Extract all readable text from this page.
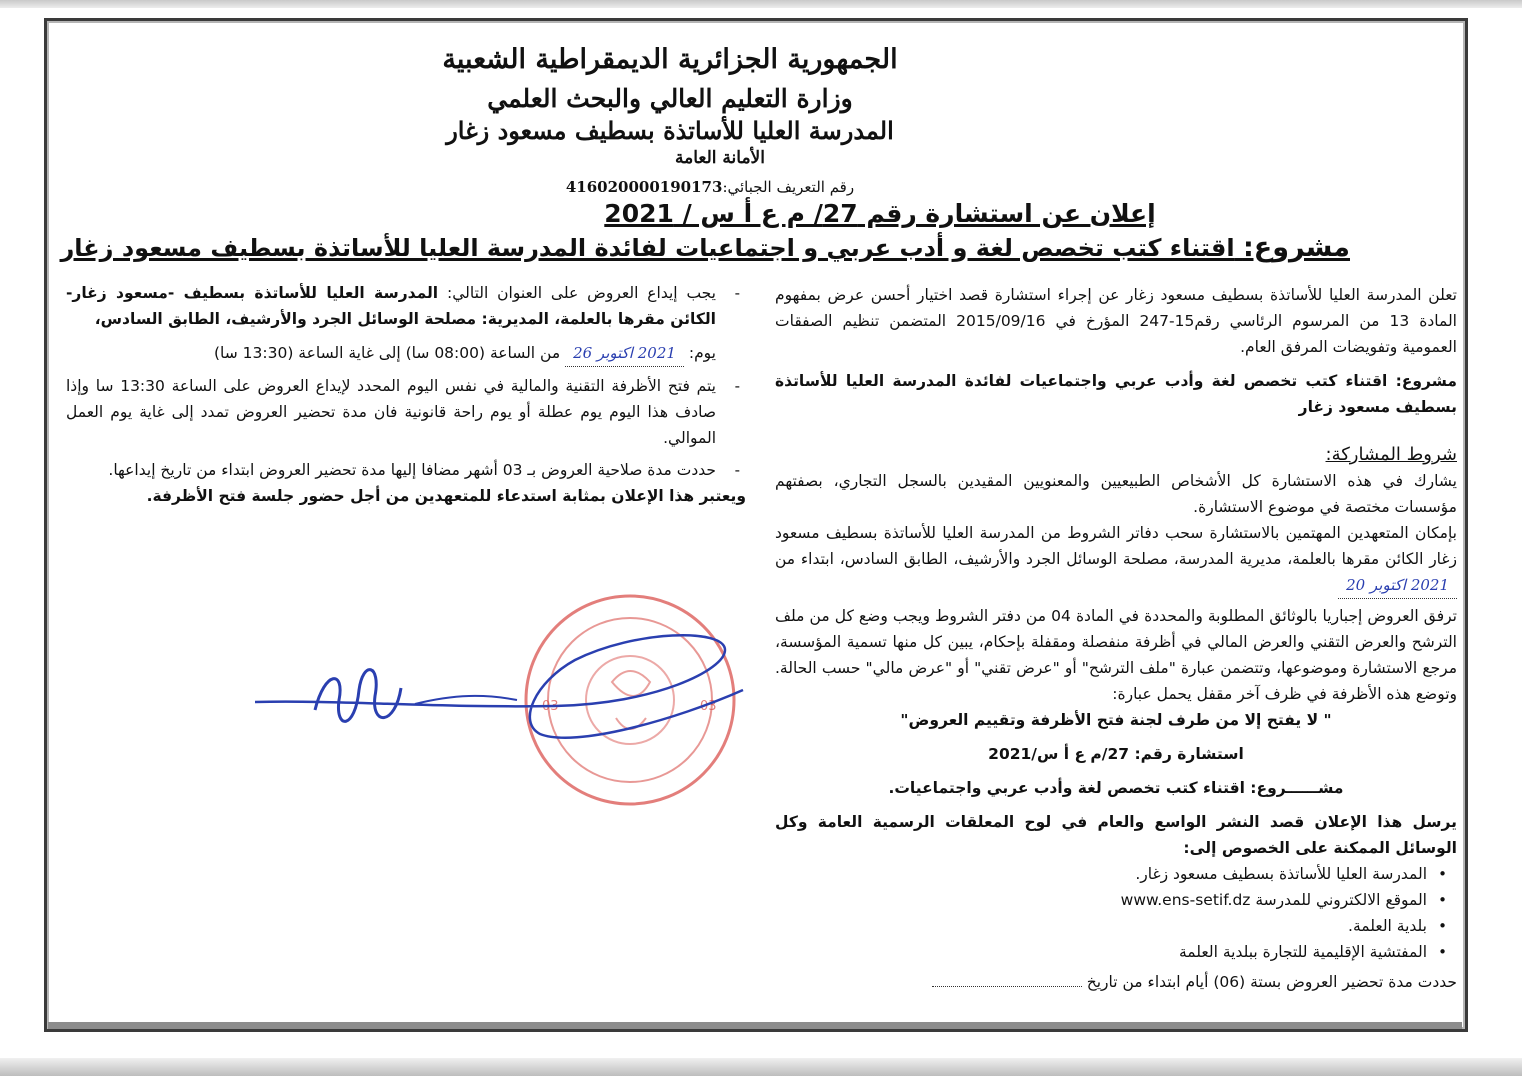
الجمهورية الجزائرية الديمقراطية الشعبية
وزارة التعليم العالي والبحث العلمي
المدرسة العليا للأساتذة بسطيف مسعود زغار
الأمانة العامة
رقم التعريف الجبائي:416020000190173
إعلان عن استشارة رقم 27/ م ع أ س / 2021
مشروع: اقتناء كتب تخصص لغة و أدب عربي و اجتماعيات لفائدة المدرسة العليا للأساتذة بسطيف مسعود زغار

تعلن المدرسة العليا للأساتذة بسطيف مسعود زغار عن إجراء استشارة قصد اختيار أحسن عرض بمفهوم المادة 13 من المرسوم الرئاسي رقم15-247 المؤرخ في 2015/09/16 المتضمن تنظيم الصفقات العمومية وتفويضات المرفق العام.

مشروع: اقتناء كتب تخصص لغة وأدب عربي واجتماعيات لفائدة المدرسة العليا للأساتذة بسطيف مسعود زغار

شروط المشاركة:

يشارك في هذه الاستشارة كل الأشخاص الطبيعيين والمعنويين المقيدين بالسجل التجاري، بصفتهم مؤسسات مختصة في موضوع الاستشارة.

بإمكان المتعهدين المهتمين بالاستشارة سحب دفاتر الشروط من المدرسة العليا للأساتذة بسطيف مسعود زغار الكائن مقرها بالعلمة، مديرية المدرسة، مصلحة الوسائل الجرد والأرشيف، الطابق السادس، ابتداء من 2021 اكتوبر 20

ترفق العروض إجباريا بالوثائق المطلوبة والمحددة في المادة 04 من دفتر الشروط ويجب وضع كل من ملف الترشح والعرض التقني والعرض المالي في أظرفة منفصلة ومقفلة بإحكام، يبين كل منها تسمية المؤسسة، مرجع الاستشارة وموضوعها، وتتضمن عبارة "ملف الترشح" أو "عرض تقني" أو "عرض مالي" حسب الحالة. وتوضع هذه الأظرفة في ظرف آخر مقفل يحمل عبارة:

" لا يفتح إلا من طرف لجنة فتح الأظرفة وتقييم العروض"

استشارة رقم: 27/م ع أ س/2021

مشــــــروع: اقتناء كتب تخصص لغة وأدب عربي واجتماعيات.

يرسل هذا الإعلان قصد النشر الواسع والعام في لوح المعلقات الرسمية العامة وكل الوسائل الممكنة على الخصوص إلى:

• المدرسة العليا للأساتذة بسطيف مسعود زغار.
• الموقع الالكتروني للمدرسة www.ens-setif.dz
• بلدية العلمة.
• المفتشية الإقليمية للتجارة ببلدية العلمة

حددت مدة تحضير العروض بستة (06) أيام ابتداء من تاريخ

- يجب إيداع العروض على العنوان التالي: المدرسة العليا للأساتذة بسطيف -مسعود زغار- الكائن مقرها بالعلمة، المديرية: مصلحة الوسائل الجرد والأرشيف، الطابق السادس،
يوم: 2021 اكتوبر 26 من الساعة (08:00 سا) إلى غاية الساعة (13:30 سا)
- يتم فتح الأظرفة التقنية والمالية في نفس اليوم المحدد لإيداع العروض على الساعة 13:30 سا وإذا صادف هذا اليوم يوم عطلة أو يوم راحة قانونية فان مدة تحضير العروض تمدد إلى غاية يوم العمل الموالي.
- حددت مدة صلاحية العروض بـ 03 أشهر مضافا إليها مدة تحضير العروض ابتداء من تاريخ إيداعها.

ويعتبر هذا الإعلان بمثابة استدعاء للمتعهدين من أجل حضور جلسة فتح الأظرفة.

03	03
